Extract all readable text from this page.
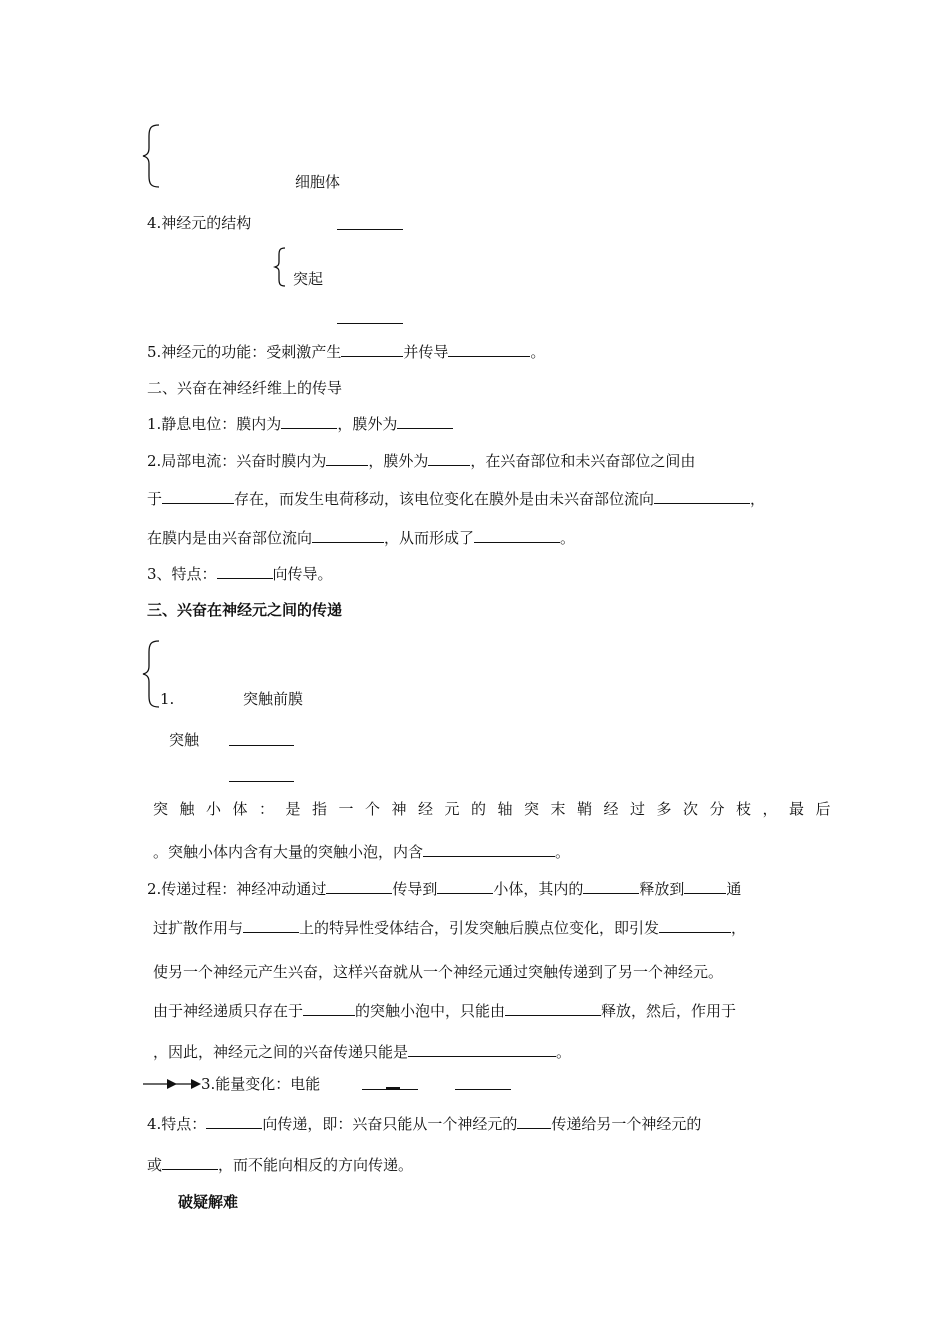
细胞体
4.神经元的结构
突起
5.神经元的功能：受刺激产生	并传导	。
二、兴奋在神经纤维上的传导
1.静息电位：膜内为	，膜外为
2.局部电流：兴奋时膜内为	，膜外为	，在兴奋部位和未兴奋部位之间由
于	存在，而发生电荷移动，该电位变化在膜外是由未兴奋部位流向	，
在膜内是由兴奋部位流向	，从而形成了	。
3、特点：	向传导。
三、兴奋在神经元之间的传递
1.	突触前膜
突触
突触小体：是指一个神经元的轴突末鞘经过多次分枝，最后
。突触小体内含有大量的突触小泡，内含	。
2.传递过程：神经冲动通过	传导到	小体，其内的	释放到	通
过扩散作用与	上的特异性受体结合，引发突触后膜点位变化，即引发	，
使另一个神经元产生兴奋，这样兴奋就从一个神经元通过突触传递到了另一个神经元。
由于神经递质只存在于	的突触小泡中，只能由	释放，然后，作用于
，因此，神经元之间的兴奋传递只能是	。
3.能量变化：电能
4.特点：	向传递，即：兴奋只能从一个神经元的 传递给另一个神经元的
或	，而不能向相反的方向传递。
破疑解难
